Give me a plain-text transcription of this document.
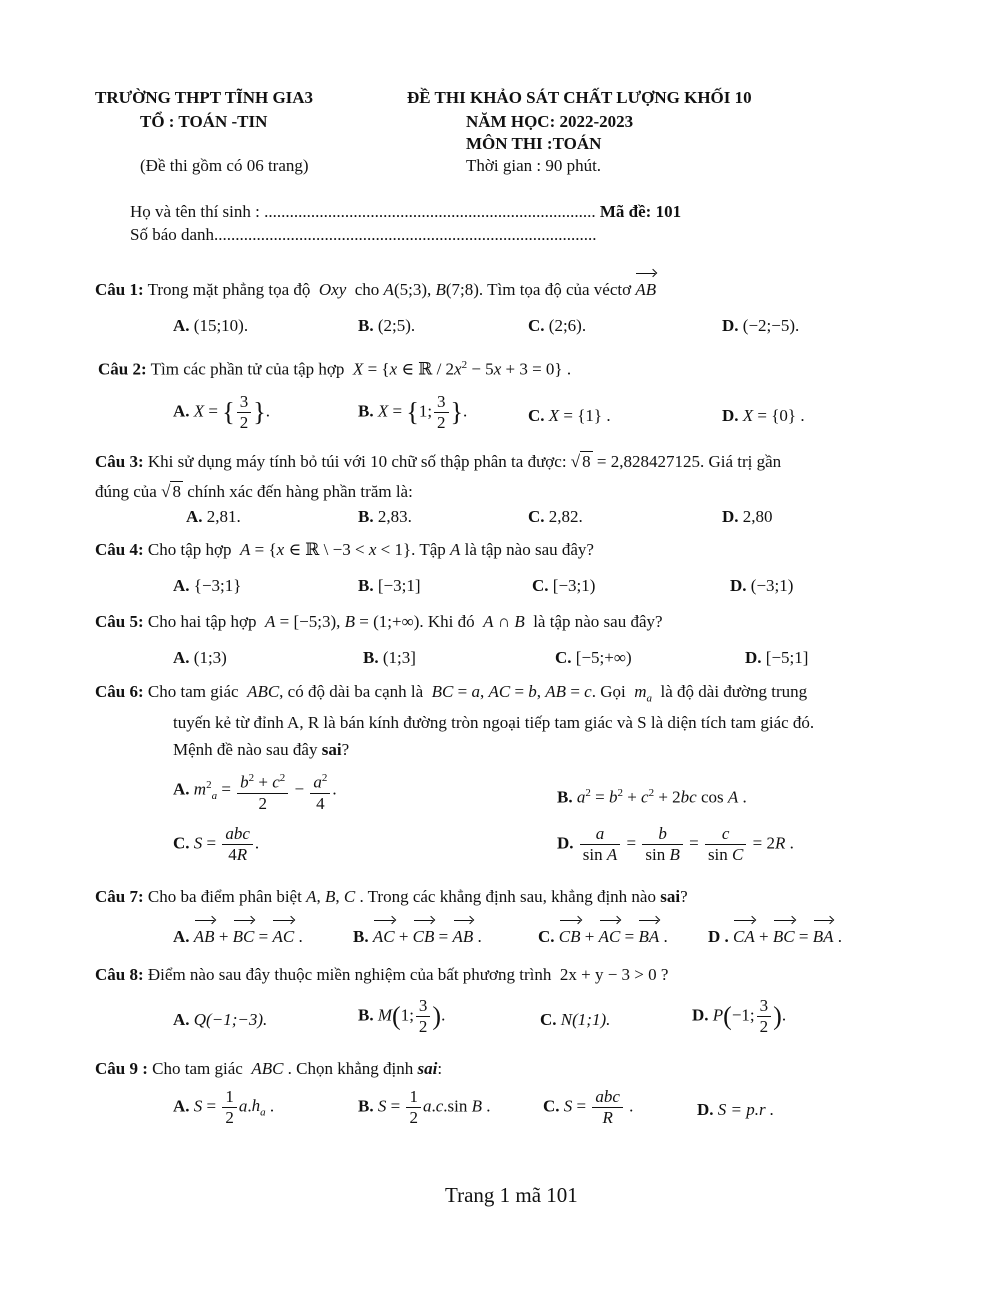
TRƯỜNG THPT TĨNH GIA3
TỔ : TOÁN -TIN
(Đề thi gồm có 06 trang)
ĐỀ THI KHẢO SÁT CHẤT LƯỢNG KHỐI 10
NĂM HỌC: 2022-2023
MÔN THI :TOÁN
Thời gian : 90 phút.
Họ và tên thí sinh : .............................................................................. Mã đề: 101
Số báo danh..........................................................................................
Câu 1: Trong mặt phẳng tọa độ  Oxy  cho A(5;3), B(7;8). Tìm tọa độ của véctơ AB
A. (15;10).	B. (2;5).	C. (2;6).	D. (−2;−5).
Câu 2: Tìm các phần tử của tập hợp  X = {x ∈ ℝ / $2x^2 - 5x + 3 = 0$} .
A. X = { $\frac{3}{2}$ }.	B. X = {1; $\frac{3}{2}$ }.	C. X = {1} .	D. X = {0} .
Câu 3: Khi sử dụng máy tính bỏ túi với 10 chữ số thập phân ta được: √ 8 = 2,828427125. Giá trị gần
đúng của √ 8 chính xác đến hàng phần trăm là:
A. 2,81.	B. 2,83.	C. 2,82.	D. 2,80
Câu 4: Cho tập hợp  A = {x ∈ ℝ \ −3 < x < 1}. Tập A là tập nào sau đây?
A. {−3;1}	B. [−3;1]	C. [−3;1)	D. (−3;1)
Câu 5: Cho hai tập hợp  A = [−5;3), B = (1;+∞). Khi đó  A ∩ B là tập nào sau đây?
A. (1;3)	B. (1;3]	C. [−5;+∞)	D. [−5;1]
Câu 6: Cho tam giác  ABC, có độ dài ba cạnh là  BC = a, AC = b, AB = c. Gọi  $m_a$ là độ dài đường trung
tuyến kẻ từ đỉnh A, R là bán kính đường tròn ngoại tiếp tam giác và S là diện tích tam giác đó.
Mệnh đề nào sau đây sai?
A. $m^2_a = \frac{b^2 + c^2}{2} - \frac{a^2}{4}$ .	B. $a^2 = b^2 + c^2 + 2bc$ cos A .
C. $S = \frac{\text{abc}}{4R}$ .	D. $\frac{a}{\text{sin A}} = \frac{b}{\text{sin B}} = \frac{c}{\text{sin C}} = 2R$ .
Câu 7: Cho ba điểm phân biệt A, B, C . Trong các khẳng định sau, khẳng định nào sai?
A. AB + BC = AC .	B. AC + CB = AB .	C. CB + AC = BA . D . CA + BC = BA .
Câu 8: Điểm nào sau đây thuộc miền nghiệm của bất phương trình 2x + y − 3 > 0 ?
A. Q(−1;−3).	B. M(1; $\frac{3}{2}$ ).	C. N(1;1).	D. P(−1; $\frac{3}{2}$ ).
Câu 9 : Cho tam giác  ABC . Chọn khẳng định sai:
A. $S = \frac{1}{2} a.h_a$ .	B. $S = \frac{1}{2} a.c.\sin$ B .	C. $S = \frac{\text{abc}}{R}$ .	D. S = p.r .
Trang 1 mã 101
